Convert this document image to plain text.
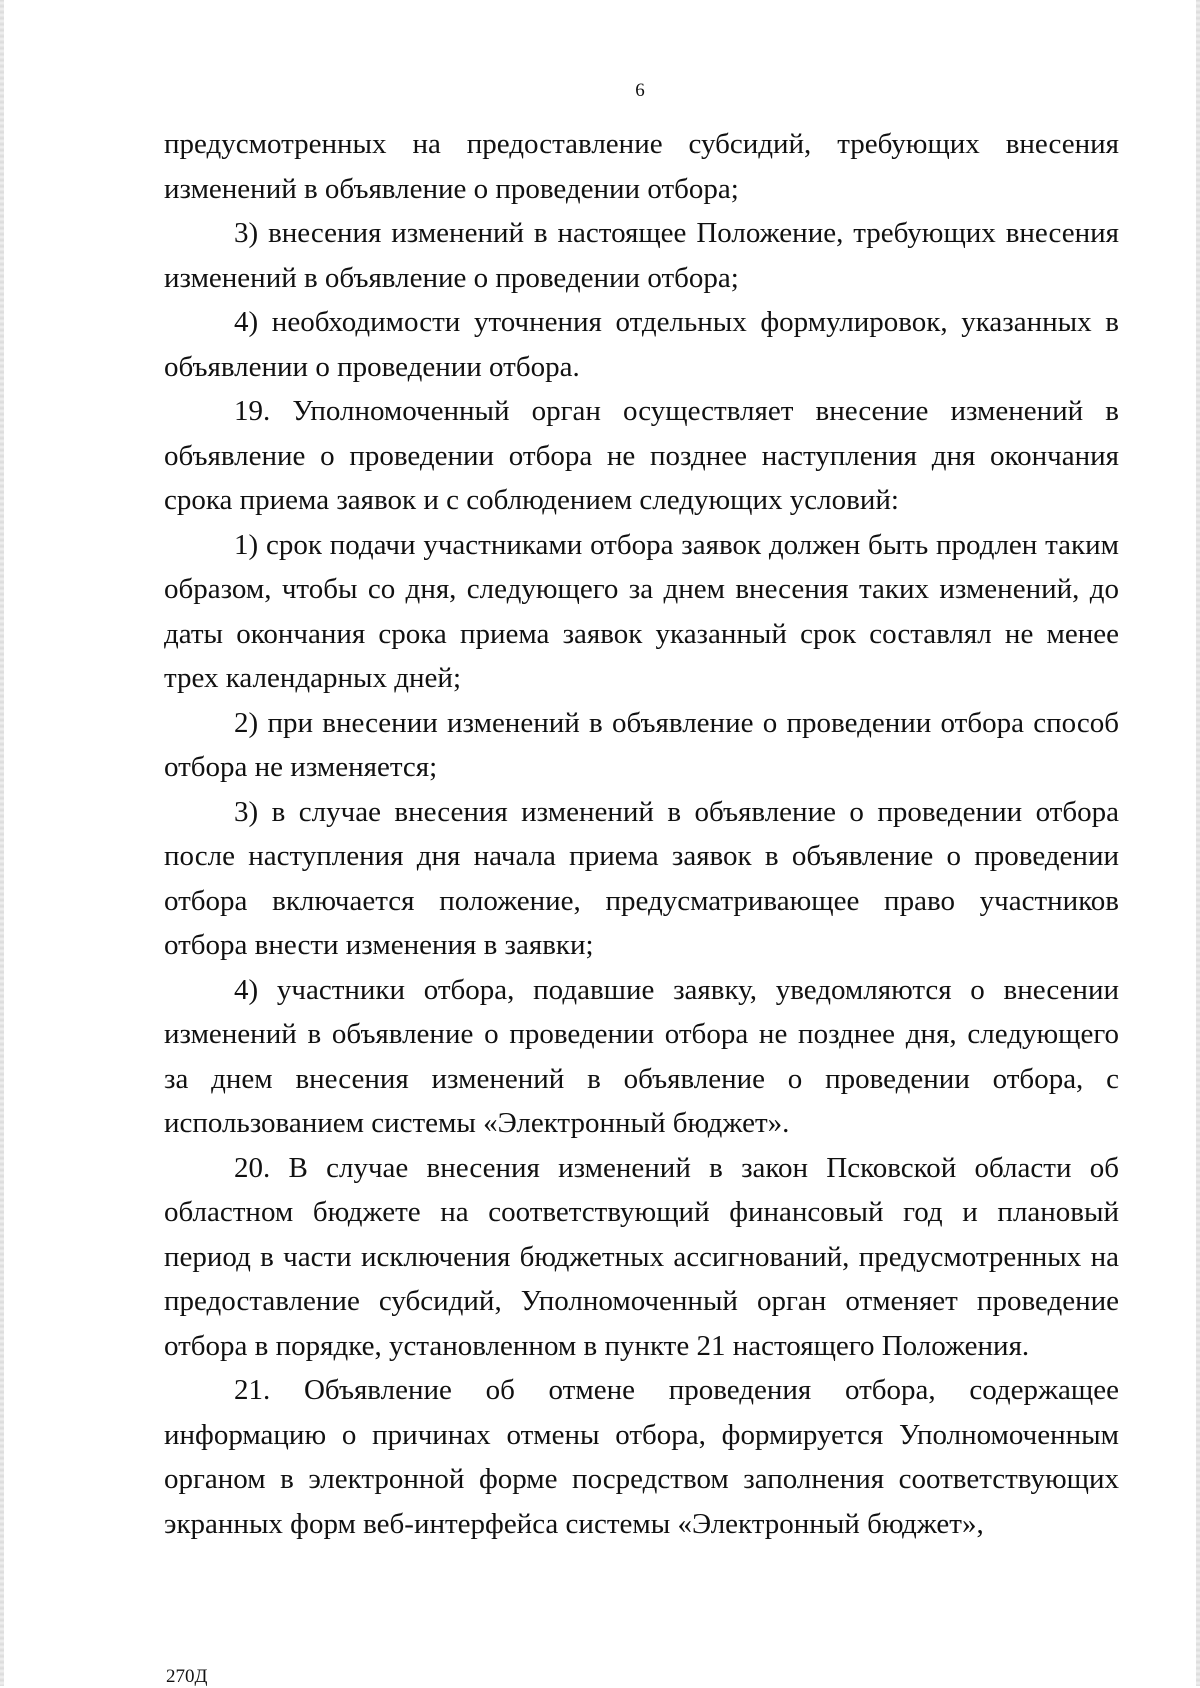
6

предусмотренных на предоставление субсидий, требующих внесения изменений в объявление о проведении отбора;

3) внесения изменений в настоящее Положение, требующих внесения изменений в объявление о проведении отбора;

4) необходимости уточнения отдельных формулировок, указанных в объявлении о проведении отбора.

19. Уполномоченный орган осуществляет внесение изменений в объявление о проведении отбора не позднее наступления дня окончания срока приема заявок и с соблюдением следующих условий:

1) срок подачи участниками отбора заявок должен быть продлен таким образом, чтобы со дня, следующего за днем внесения таких изменений, до даты окончания срока приема заявок указанный срок составлял не менее трех календарных дней;

2) при внесении изменений в объявление о проведении отбора способ отбора не изменяется;

3) в случае внесения изменений в объявление о проведении отбора после наступления дня начала приема заявок в объявление о проведении отбора включается положение, предусматривающее право участников отбора внести изменения в заявки;

4) участники отбора, подавшие заявку, уведомляются о внесении изменений в объявление о проведении отбора не позднее дня, следующего за днем внесения изменений в объявление о проведении отбора, с использованием системы «Электронный бюджет».

20. В случае внесения изменений в закон Псковской области об областном бюджете на соответствующий финансовый год и плановый период в части исключения бюджетных ассигнований, предусмотренных на предоставление субсидий, Уполномоченный орган отменяет проведение отбора в порядке, установленном в пункте 21 настоящего Положения.

21. Объявление об отмене проведения отбора, содержащее информацию о причинах отмены отбора, формируется Уполномоченным органом в электронной форме посредством заполнения соответствующих экранных форм веб-интерфейса системы «Электронный бюджет»,

270Д
